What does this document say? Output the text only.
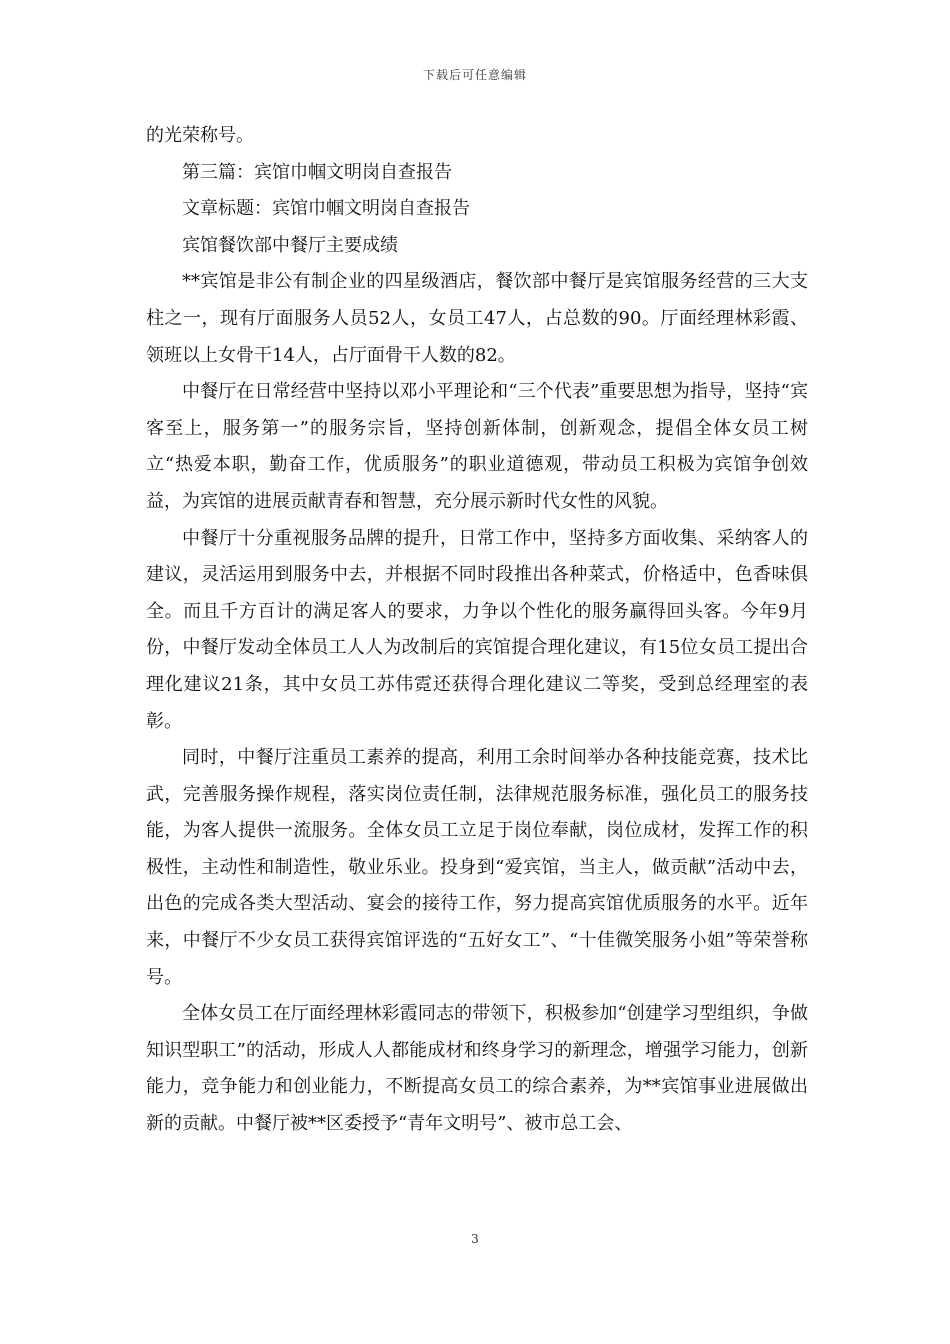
下载后可任意编辑

的光荣称号。

第三篇：宾馆巾帼文明岗自查报告

文章标题：宾馆巾帼文明岗自查报告

宾馆餐饮部中餐厅主要成绩

**宾馆是非公有制企业的四星级酒店，餐饮部中餐厅是宾馆服务经营的三大支柱之一，现有厅面服务人员52人，女员工47人，占总数的90。厅面经理林彩霞、领班以上女骨干14人，占厅面骨干人数的82。

中餐厅在日常经营中坚持以邓小平理论和“三个代表”重要思想为指导，坚持“宾客至上，服务第一”的服务宗旨，坚持创新体制，创新观念，提倡全体女员工树立“热爱本职，勤奋工作，优质服务”的职业道德观，带动员工积极为宾馆争创效益，为宾馆的进展贡献青春和智慧，充分展示新时代女性的风貌。

中餐厅十分重视服务品牌的提升，日常工作中，坚持多方面收集、采纳客人的建议，灵活运用到服务中去，并根据不同时段推出各种菜式，价格适中，色香味俱全。而且千方百计的满足客人的要求，力争以个性化的服务赢得回头客。今年9月份，中餐厅发动全体员工人人为改制后的宾馆提合理化建议，有15位女员工提出合理化建议21条，其中女员工苏伟霓还获得合理化建议二等奖，受到总经理室的表彰。

同时，中餐厅注重员工素养的提高，利用工余时间举办各种技能竞赛，技术比武，完善服务操作规程，落实岗位责任制，法律规范服务标准，强化员工的服务技能，为客人提供一流服务。全体女员工立足于岗位奉献，岗位成材，发挥工作的积极性，主动性和制造性，敬业乐业。投身到“爱宾馆，当主人，做贡献”活动中去，出色的完成各类大型活动、宴会的接待工作，努力提高宾馆优质服务的水平。近年来，中餐厅不少女员工获得宾馆评选的“五好女工”、“十佳微笑服务小姐”等荣誉称号。

全体女员工在厅面经理林彩霞同志的带领下，积极参加“创建学习型组织，争做知识型职工”的活动，形成人人都能成材和终身学习的新理念，增强学习能力，创新能力，竞争能力和创业能力，不断提高女员工的综合素养，为**宾馆事业进展做出新的贡献。中餐厅被**区委授予“青年文明号”、被市总工会、

3
